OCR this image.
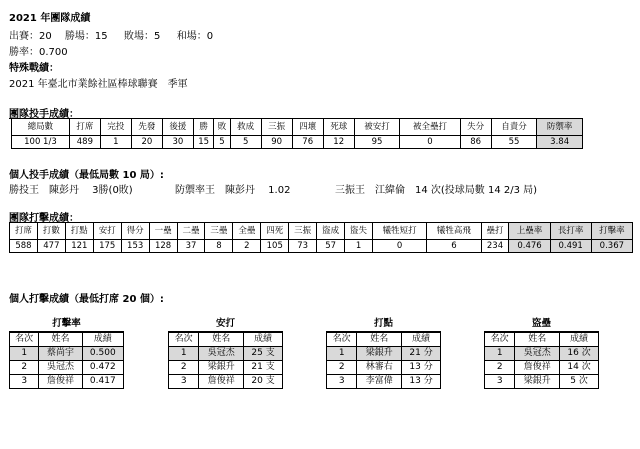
2021 年團隊成績
出賽：20　 勝場：15 　 敗場：5 　 和場：0
勝率：0.700
特殊戰績：
2021 年臺北市業餘社區棒球聯賽　季軍
團隊投手成績：
總局數	打席	完投	先發	後援	勝	敗	救成	三振	四壞	死球	被安打	被全壘打	失分	自責分	防禦率
100 1/3	489	1	20	30	15	5	5	90	76	12	95	0	86	55	3.84
個人投手成績（最低局數 10 局）:
勝投王　陳彭丹　 3勝(0敗)	防禦率王　陳彭丹　 1.02	三振王　江緯倫　14 次(投球局數 14 2/3 局)
團隊打擊成績：
打席	打數	打點	安打	得分	一壘	二壘	三壘	全壘	四死	三振	盜成	盜失	犧牲短打	犧牲高飛	壘打	上壘率	長打率	打擊率
588	477	121	175	153	128	37	8	2	105	73	57	1	0	6	234	0.476	0.491	0.367
個人打擊成績（最低打席 20 個）:
打擊率		
名次	姓名	成績
1	蔡尚宇	0.500
2	吳冠杰	0.472
3	詹俊祥	0.417
安打		
名次	姓名	成績
1	吳冠杰	25 支
2	梁銀升	21 支
3	詹俊祥	20 支
打點		
名次	姓名	成績
1	梁銀升	21 分
2	林審右	13 分
3	李富偉	13 分
盜壘		
名次	姓名	成績
1	吳冠杰	16 次
2	詹俊祥	14 次
3	梁銀升	5 次
